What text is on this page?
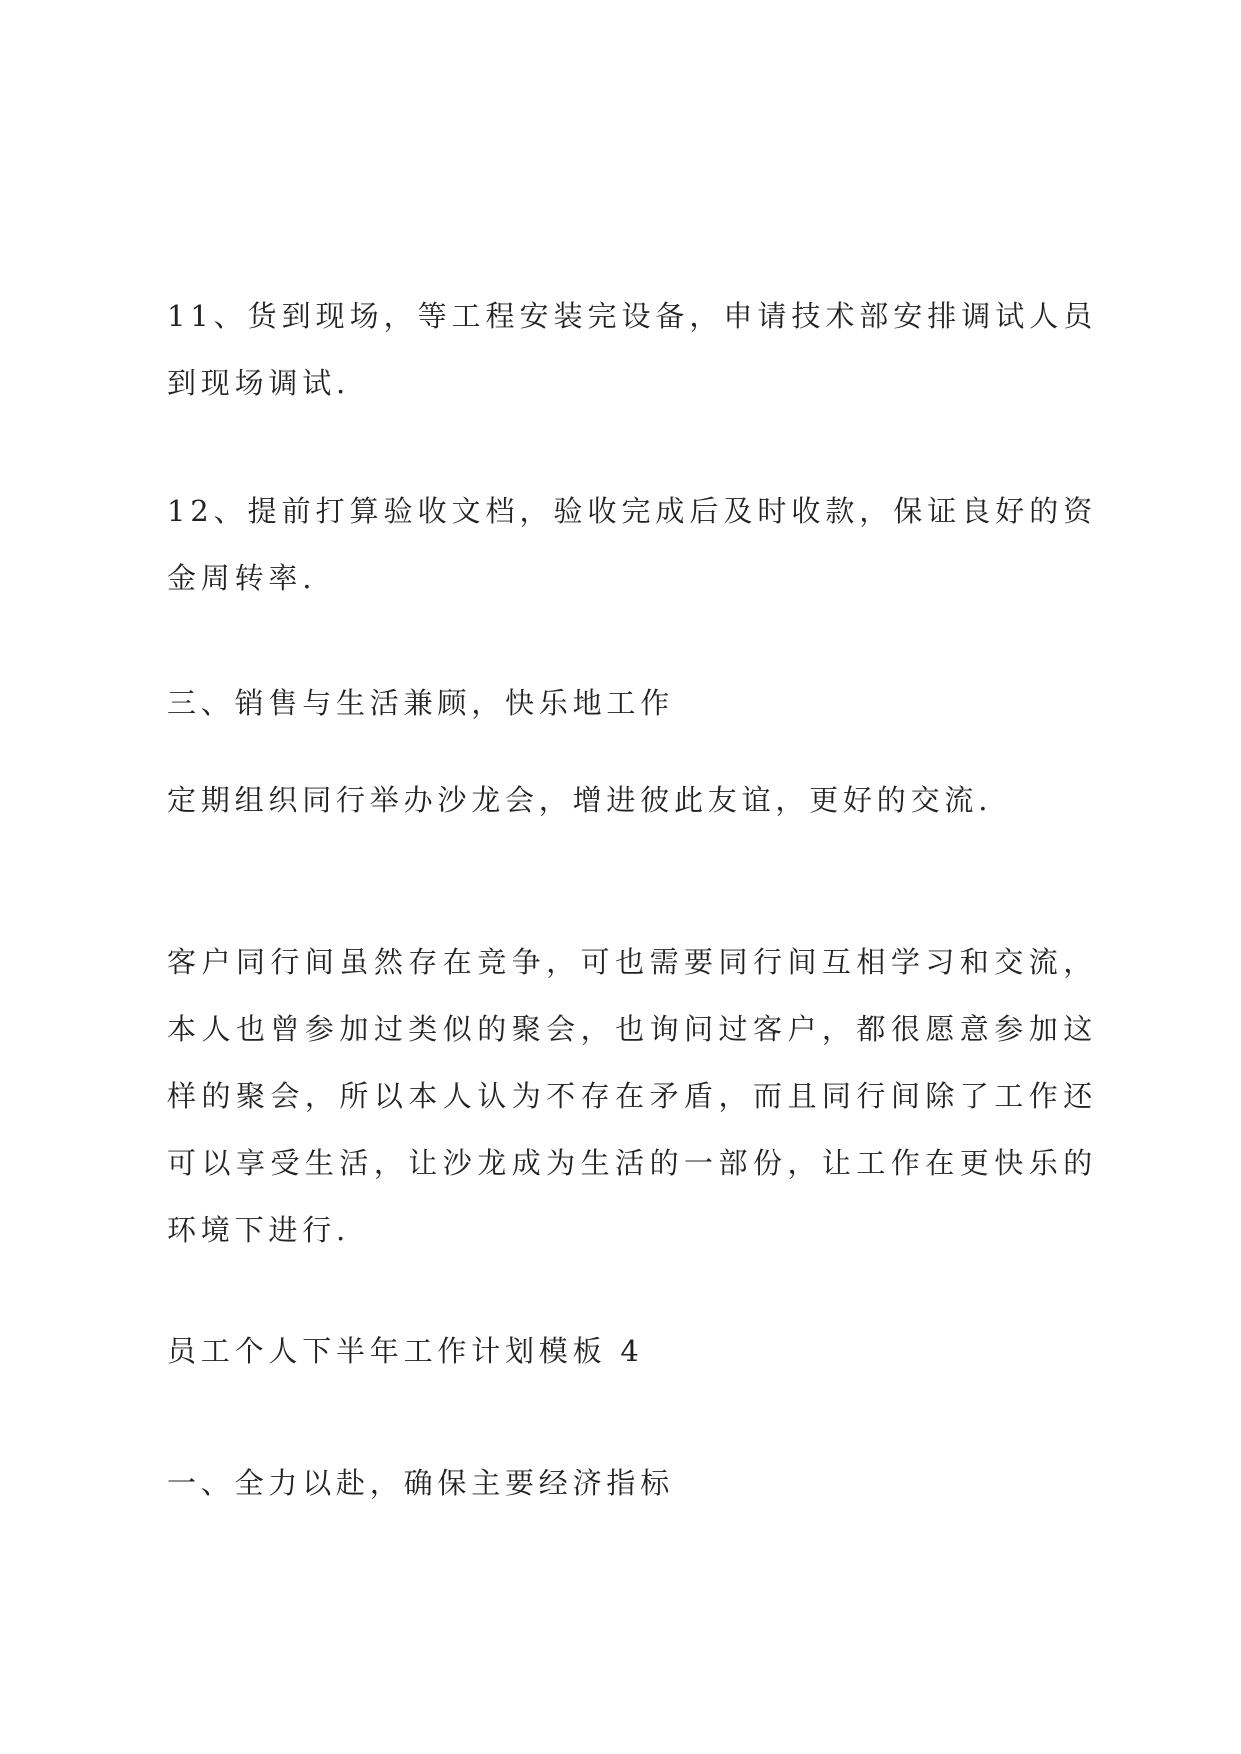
11、货到现场，等工程安装完设备，申请技术部安排调试人员到现场调试.

12、提前打算验收文档，验收完成后及时收款，保证良好的资金周转率.

三、销售与生活兼顾，快乐地工作

定期组织同行举办沙龙会，增进彼此友谊，更好的交流.

客户同行间虽然存在竞争，可也需要同行间互相学习和交流，本人也曾参加过类似的聚会，也询问过客户，都很愿意参加这样的聚会，所以本人认为不存在矛盾，而且同行间除了工作还可以享受生活，让沙龙成为生活的一部份，让工作在更快乐的环境下进行.

员工个人下半年工作计划模板 4

一、全力以赴，确保主要经济指标
